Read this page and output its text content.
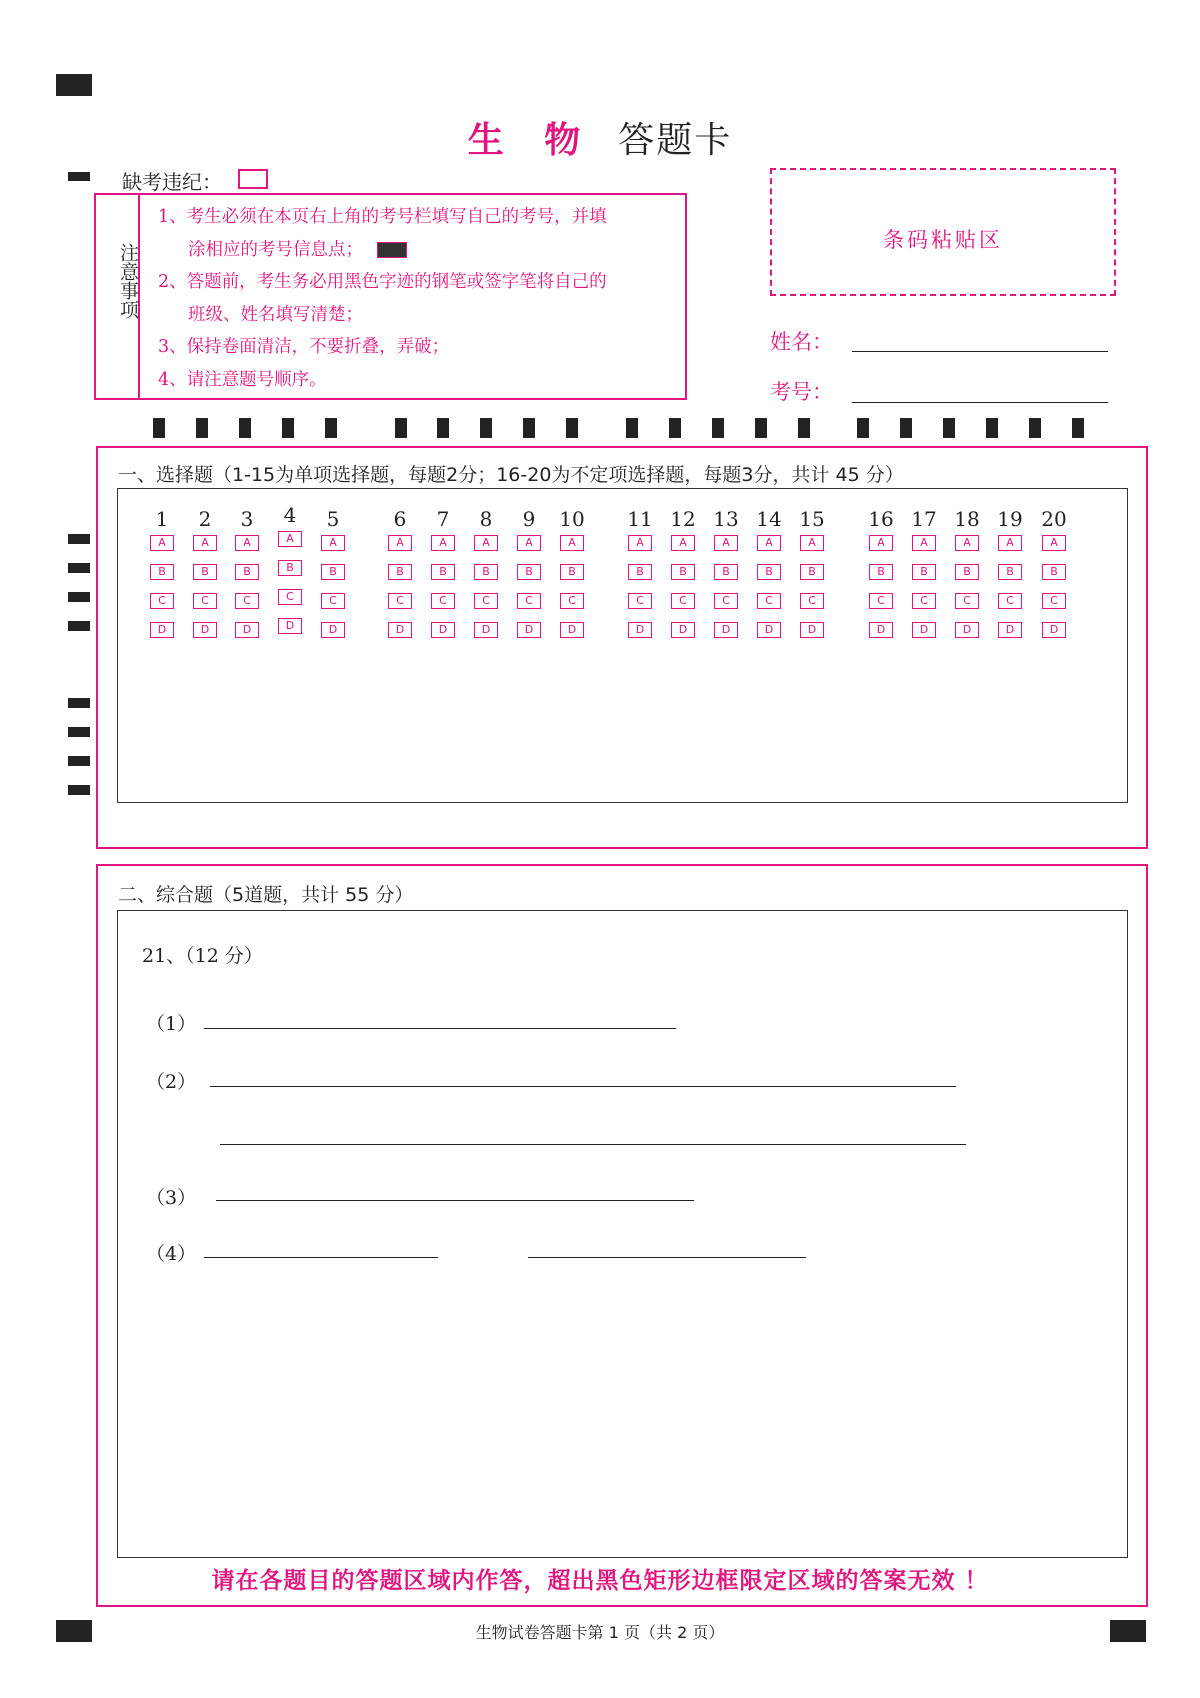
生 物 答题卡
缺考违纪：
注意事项
1、考生必须在本页右上角的考号栏填写自己的考号，并填
涂相应的考号信息点；
2、答题前，考生务必用黑色字迹的钢笔或签字笔将自己的
班级、姓名填写清楚；
3、保持卷面清洁，不要折叠，弄破；
4、请注意题号顺序。
条码粘贴区
姓名：
考号：
一、选择题（1-15为单项选择题，每题2分；16-20为不定项选择题，每题3分，共计 45 分）
1
A
B
C
D
2
A
B
C
D
3
A
B
C
D
4
A
B
C
D
5
A
B
C
D
6
A
B
C
D
7
A
B
C
D
8
A
B
C
D
9
A
B
C
D
10
A
B
C
D
11
A
B
C
D
12
A
B
C
D
13
A
B
C
D
14
A
B
C
D
15
A
B
C
D
16
A
B
C
D
17
A
B
C
D
18
A
B
C
D
19
A
B
C
D
20
A
B
C
D
二、综合题（5道题，共计 55 分）
21、（12 分）
（1）
（2）
（3）
（4）
请在各题目的答题区域内作答，超出黑色矩形边框限定区域的答案无效 ！
生物试卷答题卡第 1 页（共 2 页）
